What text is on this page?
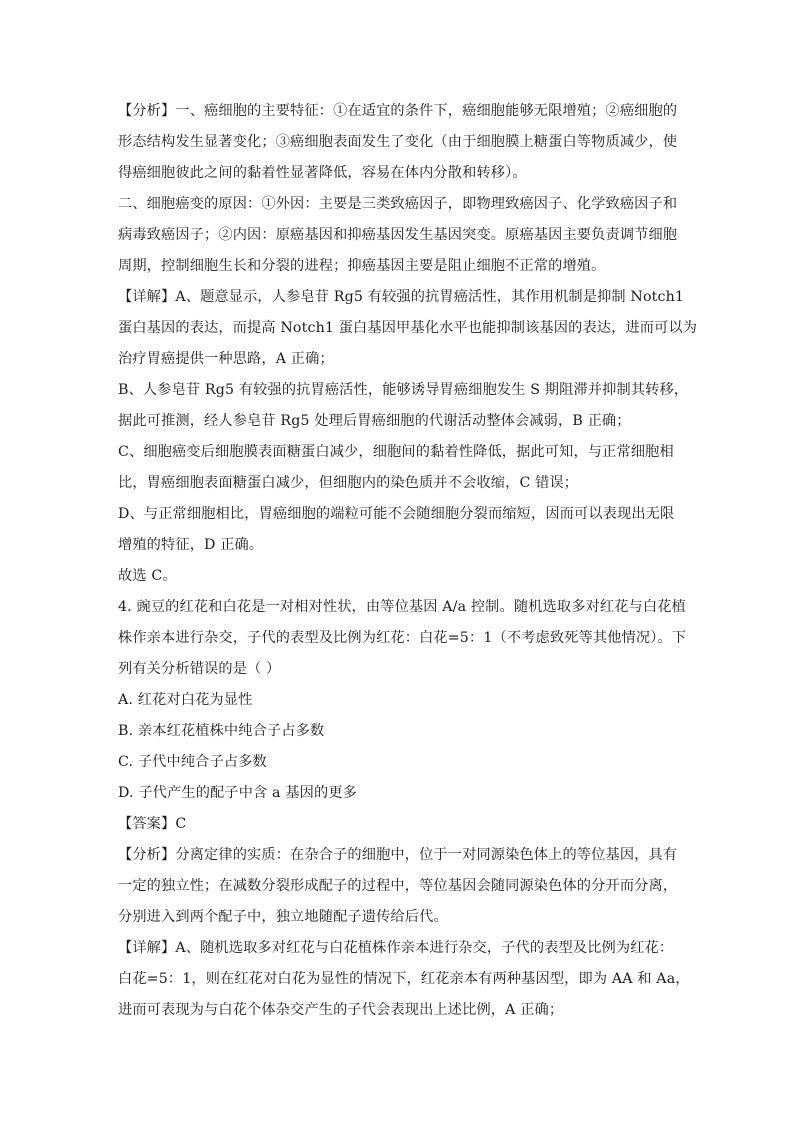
【分析】一、癌细胞的主要特征：①在适宜的条件下，癌细胞能够无限增殖；②癌细胞的
形态结构发生显著变化；③癌细胞表面发生了变化（由于细胞膜上糖蛋白等物质减少，使
得癌细胞彼此之间的黏着性显著降低，容易在体内分散和转移）。
二、细胞癌变的原因：①外因：主要是三类致癌因子，即物理致癌因子、化学致癌因子和
病毒致癌因子；②内因：原癌基因和抑癌基因发生基因突变。原癌基因主要负责调节细胞
周期，控制细胞生长和分裂的进程；抑癌基因主要是阻止细胞不正常的增殖。
【详解】A、题意显示，人参皂苷 Rg5 有较强的抗胃癌活性，其作用机制是抑制 Notch1
蛋白基因的表达，而提高 Notch1 蛋白基因甲基化水平也能抑制该基因的表达，进而可以为
治疗胃癌提供一种思路，A 正确；
B、人参皂苷 Rg5 有较强的抗胃癌活性，能够诱导胃癌细胞发生 S 期阻滞并抑制其转移，
据此可推测，经人参皂苷 Rg5 处理后胃癌细胞的代谢活动整体会减弱，B 正确；
C、细胞癌变后细胞膜表面糖蛋白减少，细胞间的黏着性降低，据此可知，与正常细胞相
比，胃癌细胞表面糖蛋白减少，但细胞内的染色质并不会收缩，C 错误；
D、与正常细胞相比，胃癌细胞的端粒可能不会随细胞分裂而缩短，因而可以表现出无限
增殖的特征，D 正确。
故选 C。
4. 豌豆的红花和白花是一对相对性状，由等位基因 A/a 控制。随机选取多对红花与白花植
株作亲本进行杂交，子代的表型及比例为红花：白花=5：1（不考虑致死等其他情况）。下
列有关分析错误的是（ ）
A. 红花对白花为显性
B. 亲本红花植株中纯合子占多数
C. 子代中纯合子占多数
D. 子代产生的配子中含 a 基因的更多
【答案】C
【分析】分离定律的实质：在杂合子的细胞中，位于一对同源染色体上的等位基因，具有
一定的独立性；在减数分裂形成配子的过程中，等位基因会随同源染色体的分开而分离，
分别进入到两个配子中，独立地随配子遗传给后代。
【详解】A、随机选取多对红花与白花植株作亲本进行杂交，子代的表型及比例为红花：
白花=5：1，则在红花对白花为显性的情况下，红花亲本有两种基因型，即为 AA 和 Aa，
进而可表现为与白花个体杂交产生的子代会表现出上述比例，A 正确；
